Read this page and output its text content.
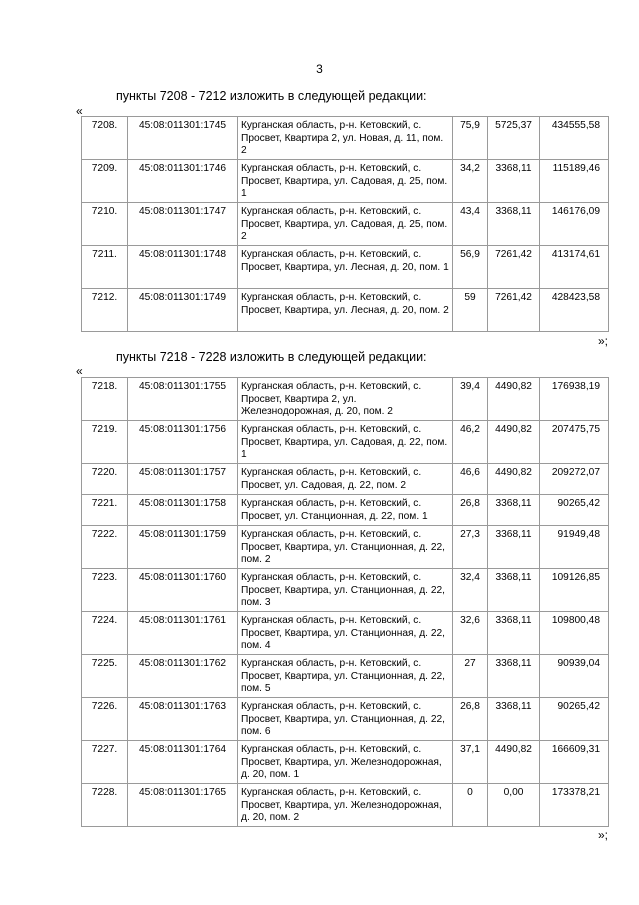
3
пункты 7208 - 7212 изложить в следующей редакции:
«
7208.	45:08:011301:1745	Курганская область, р-н. Кетовский, с. Просвет, Квартира 2, ул. Новая, д. 11, пом. 2	75,9	5725,37	434555,58
7209.	45:08:011301:1746	Курганская область, р-н. Кетовский, с. Просвет, Квартира, ул. Садовая, д. 25, пом. 1	34,2	3368,11	115189,46
7210.	45:08:011301:1747	Курганская область, р-н. Кетовский, с. Просвет, Квартира, ул. Садовая, д. 25, пом. 2	43,4	3368,11	146176,09
7211.	45:08:011301:1748	Курганская область, р-н. Кетовский, с. Просвет, Квартира, ул. Лесная, д. 20, пом. 1	56,9	7261,42	413174,61
7212.	45:08:011301:1749	Курганская область, р-н. Кетовский, с. Просвет, Квартира, ул. Лесная, д. 20, пом. 2	59	7261,42	428423,58
»;
пункты 7218 - 7228 изложить в следующей редакции:
«
7218.	45:08:011301:1755	Курганская область, р-н. Кетовский, с. Просвет, Квартира 2, ул. Железнодорожная, д. 20, пом. 2	39,4	4490,82	176938,19
7219.	45:08:011301:1756	Курганская область, р-н. Кетовский, с. Просвет, Квартира, ул. Садовая, д. 22, пом. 1	46,2	4490,82	207475,75
7220.	45:08:011301:1757	Курганская область, р-н. Кетовский, с. Просвет, ул. Садовая, д. 22, пом. 2	46,6	4490,82	209272,07
7221.	45:08:011301:1758	Курганская область, р-н. Кетовский, с. Просвет, ул. Станционная, д. 22, пом. 1	26,8	3368,11	90265,42
7222.	45:08:011301:1759	Курганская область, р-н. Кетовский, с. Просвет, Квартира, ул. Станционная, д. 22, пом. 2	27,3	3368,11	91949,48
7223.	45:08:011301:1760	Курганская область, р-н. Кетовский, с. Просвет, Квартира, ул. Станционная, д. 22, пом. 3	32,4	3368,11	109126,85
7224.	45:08:011301:1761	Курганская область, р-н. Кетовский, с. Просвет, Квартира, ул. Станционная, д. 22, пом. 4	32,6	3368,11	109800,48
7225.	45:08:011301:1762	Курганская область, р-н. Кетовский, с. Просвет, Квартира, ул. Станционная, д. 22, пом. 5	27	3368,11	90939,04
7226.	45:08:011301:1763	Курганская область, р-н. Кетовский, с. Просвет, Квартира, ул. Станционная, д. 22, пом. 6	26,8	3368,11	90265,42
7227.	45:08:011301:1764	Курганская область, р-н. Кетовский, с. Просвет, Квартира, ул. Железнодорожная, д. 20, пом. 1	37,1	4490,82	166609,31
7228.	45:08:011301:1765	Курганская область, р-н. Кетовский, с. Просвет, Квартира, ул. Железнодорожная, д. 20, пом. 2	0	0,00	173378,21
»;
